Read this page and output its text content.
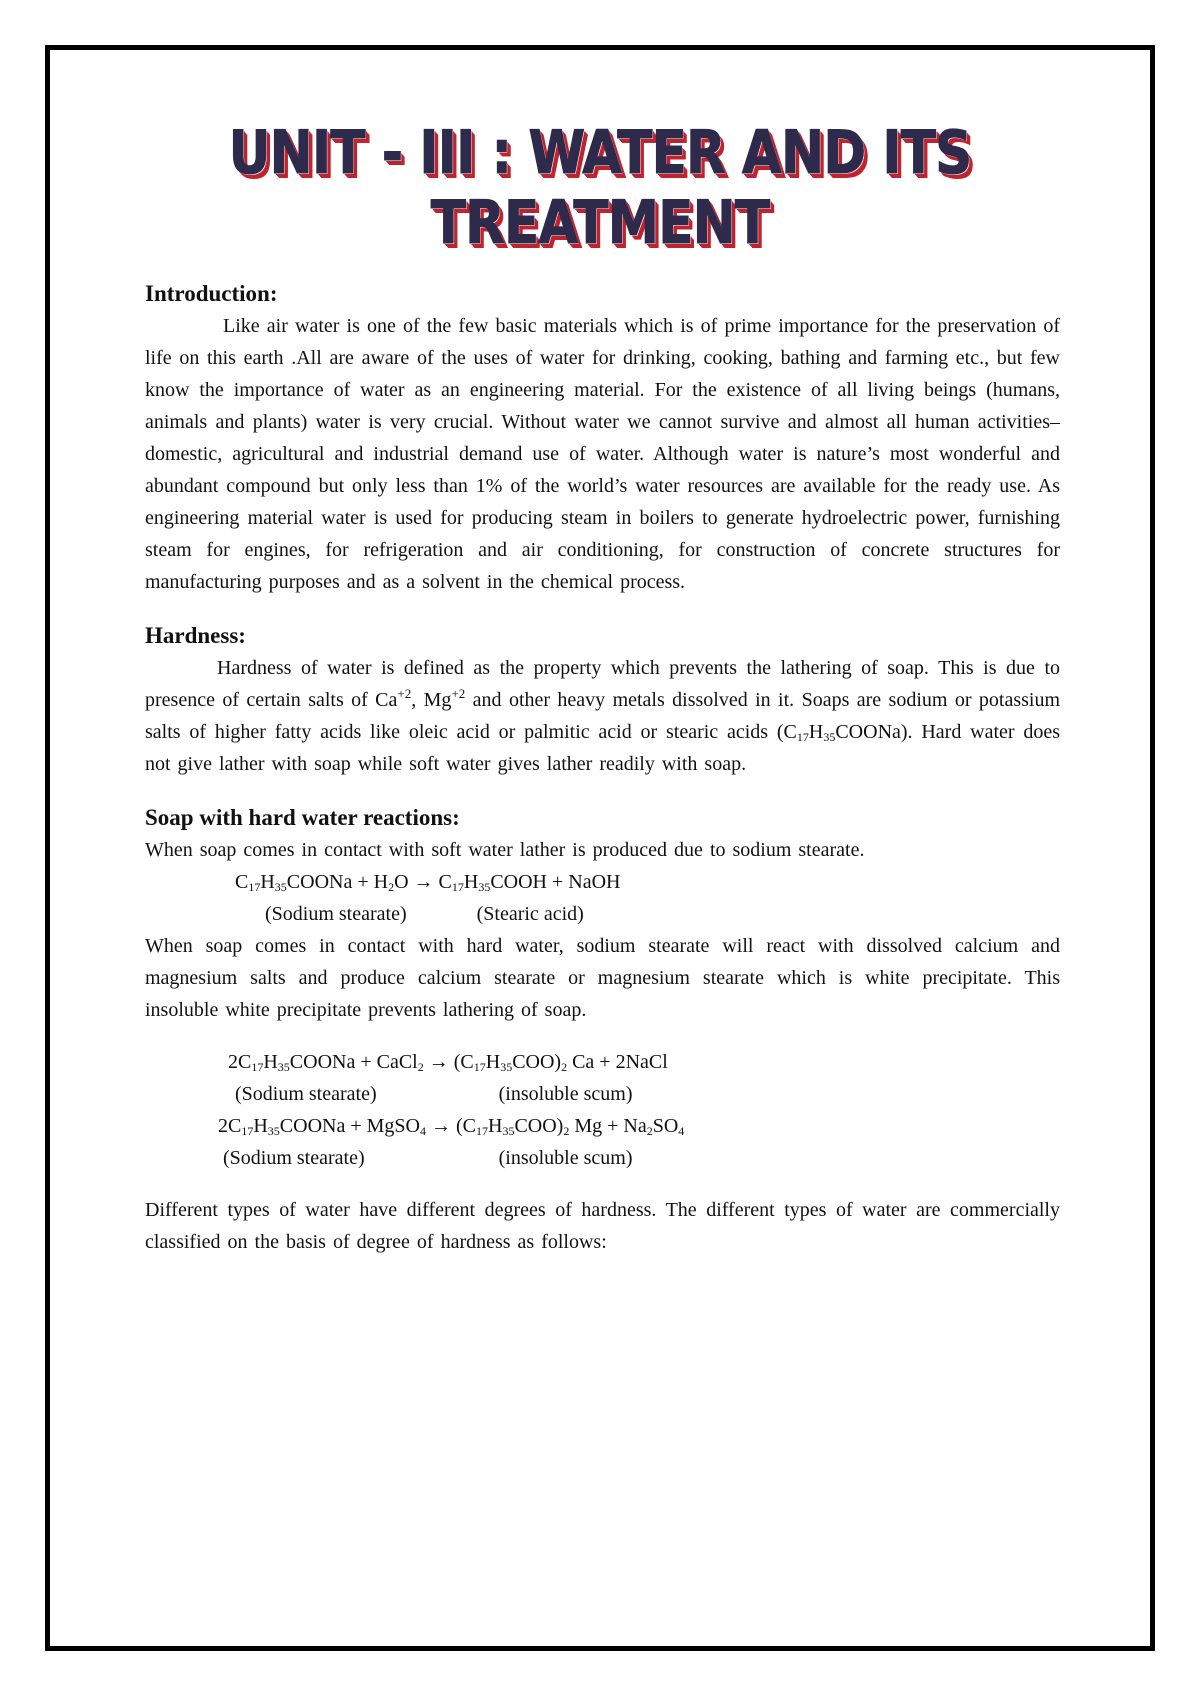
UNIT - III : WATER AND ITS TREATMENT

Introduction:

Like air water is one of the few basic materials which is of prime importance for the preservation of life on this earth .All are aware of the uses of water for drinking, cooking, bathing and farming etc., but few know the importance of water as an engineering material. For the existence of all living beings (humans, animals and plants) water is very crucial. Without water we cannot survive and almost all human activities–domestic, agricultural and industrial demand use of water. Although water is nature’s most wonderful and abundant compound but only less than 1% of the world’s water resources are available for the ready use. As engineering material water is used for producing steam in boilers to generate hydroelectric power, furnishing steam for engines, for refrigeration and air conditioning, for construction of concrete structures for manufacturing purposes and as a solvent in the chemical process.

Hardness:

Hardness of water is defined as the property which prevents the lathering of soap. This is due to presence of certain salts of $Ca^{+2}$, $Mg^{+2}$ and other heavy metals dissolved in it. Soaps are sodium or potassium salts of higher fatty acids like oleic acid or palmitic acid or stearic acids $(C_{17}H_{35}COONa)$. Hard water does not give lather with soap while soft water gives lather readily with soap.

Soap with hard water reactions:

When soap comes in contact with soft water lather is produced due to sodium stearate.

$C_{17}H_{35}COONa + H_2O$ → $C_{17}H_{35}COOH$ + NaOH

(Sodium stearate)	(Stearic acid)

When soap comes in contact with hard water, sodium stearate will react with dissolved calcium and magnesium salts and produce calcium stearate or magnesium stearate which is white precipitate. This insoluble white precipitate prevents lathering of soap.

$2C_{17}H_{35}COONa$ + CaCl$_2$ → $(C_{17}H_{35}COO)_2$ Ca + 2NaCl

(Sodium stearate)	(insoluble scum)

$2C_{17}H_{35}COONa$ + MgSO$_4$ → $(C_{17}H_{35}COO)_2$ $Mg + Na_2SO_4$

(Sodium stearate)	(insoluble scum)

Different types of water have different degrees of hardness. The different types of water are commercially classified on the basis of degree of hardness as follows:
